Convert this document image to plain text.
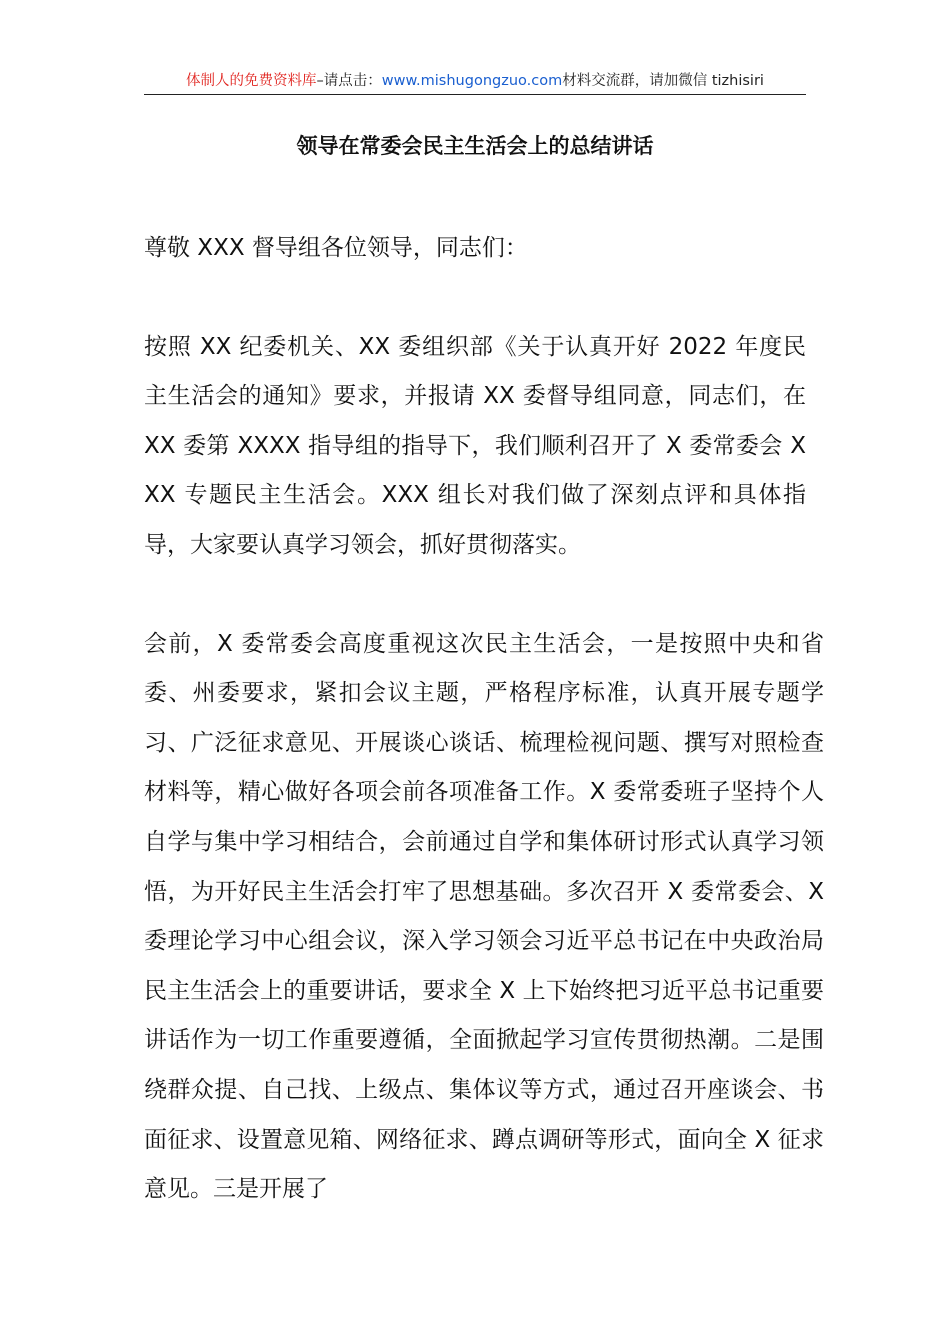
体制人的免费资料库–请点击：www.mishugongzuo.com材料交流群，请加微信 tizhisiri
领导在常委会民主生活会上的总结讲话

尊敬 XXX 督导组各位领导，同志们：

按照 XX 纪委机关、XX 委组织部《关于认真开好 2022 年度民主生活会的通知》要求，并报请 XX 委督导组同意，同志们，在 XX 委第 XXXX 指导组的指导下，我们顺利召开了 X 委常委会 XXX 专题民主生活会。XXX 组长对我们做了深刻点评和具体指导，大家要认真学习领会，抓好贯彻落实。

会前，X 委常委会高度重视这次民主生活会，一是按照中央和省委、州委要求，紧扣会议主题，严格程序标准，认真开展专题学习、广泛征求意见、开展谈心谈话、梳理检视问题、撰写对照检查材料等，精心做好各项会前各项准备工作。X 委常委班子坚持个人自学与集中学习相结合，会前通过自学和集体研讨形式认真学习领悟，为开好民主生活会打牢了思想基础。多次召开 X 委常委会、X 委理论学习中心组会议，深入学习领会习近平总书记在中央政治局民主生活会上的重要讲话，要求全 X 上下始终把习近平总书记重要讲话作为一切工作重要遵循，全面掀起学习宣传贯彻热潮。二是围绕群众提、自己找、上级点、集体议等方式，通过召开座谈会、书面征求、设置意见箱、网络征求、蹲点调研等形式，面向全 X 征求意见。三是开展了
